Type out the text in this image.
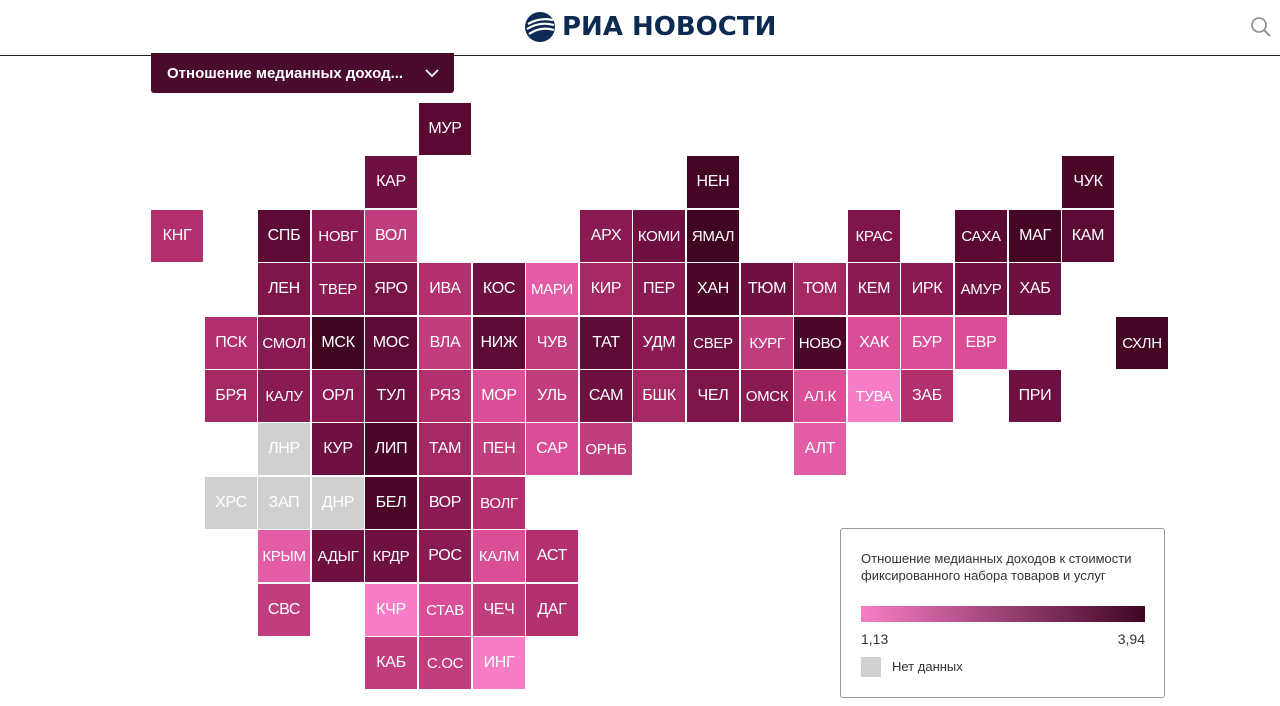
РИА НОВОСТИ
Отношение медианных доход...
МУР
КАР	НЕН	ЧУК
КНГ	СПБ	НОВГ	ВОЛ	АРХ	КОМИ ЯМАЛ	КРАС	САХА	МАГ	КАМ
ЛЕН	ТВЕР	ЯРО	ИВА	КОС	МАРИ	КИР	ПЕР	ХАН	ТЮМ	ТОМ	КЕМ	ИРК	АМУР	ХАБ
ПСК	СМОЛ МСК	МОС	ВЛА	НИЖ	ЧУВ	ТАТ	УДМ	СВЕР	КУРГ НОВО	ХАК	БУР	ЕВР	СХЛН
БРЯ	КАЛУ	ОРЛ	ТУЛ	РЯЗ	МОР	УЛЬ	САМ	БШК	ЧЕЛ	ОМСК	АЛ.К	ТУВА	ЗАБ	ПРИ
ЛНР	КУР	ЛИП	ТАМ	ПЕН	САР	ОРНБ	АЛТ
ХРС	ЗАП	ДНР	БЕЛ	ВОР	ВОЛГ
КРЫМ АДЫГ КРДР	РОС	КАЛМ	АСТ
СВС	КЧР	СТАВ	ЧЕЧ	ДАГ
КАБ	С.ОС	ИНГ
Отношение медианных доходов к стоимости фиксированного набора товаров и услуг
1,13	3,94
Нет данных
